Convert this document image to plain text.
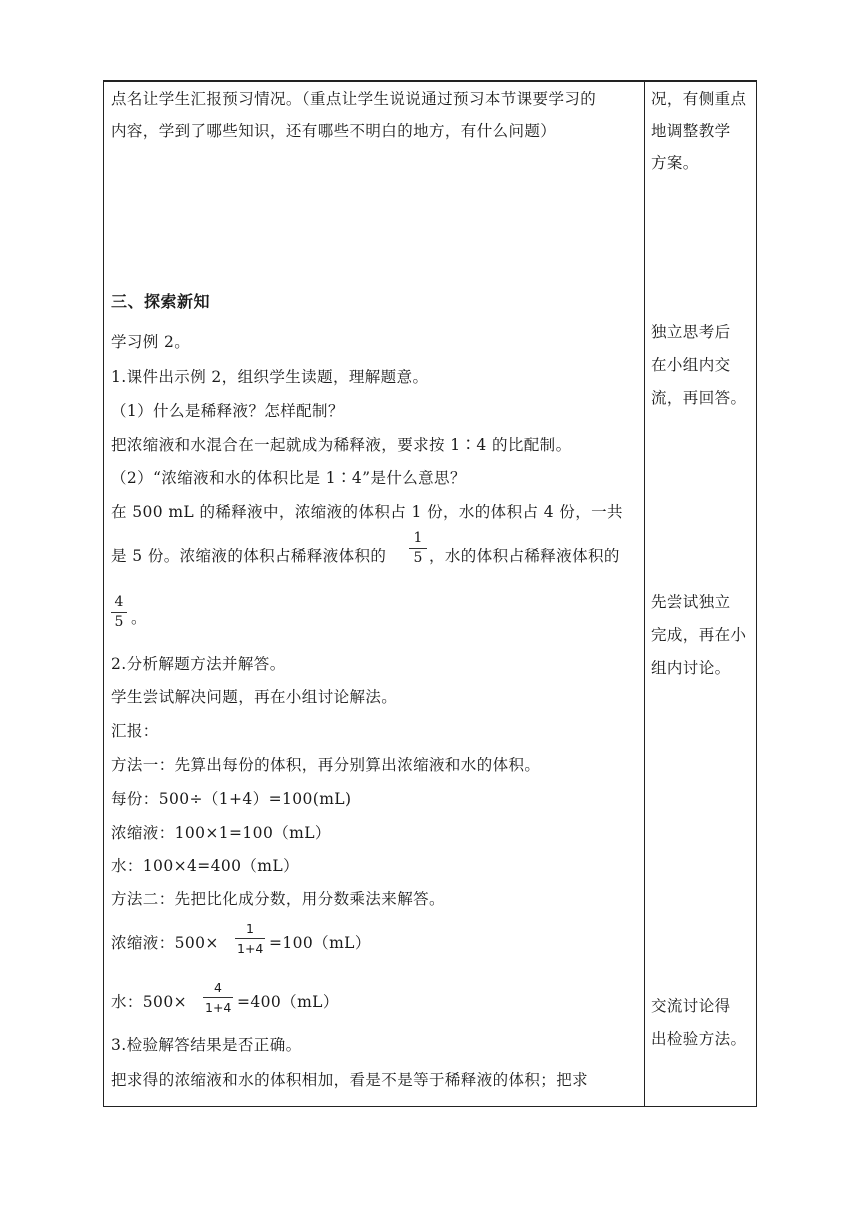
点名让学生汇报预习情况。（重点让学生说说通过预习本节课要学习的
内容，学到了哪些知识，还有哪些不明白的地方，有什么问题）
三、探索新知
学习例 2。
1.课件出示例 2，组织学生读题，理解题意。
（1）什么是稀释液？怎样配制？
把浓缩液和水混合在一起就成为稀释液，要求按 1∶4 的比配制。
（2）“浓缩液和水的体积比是 1∶4”是什么意思？
在 500 mL 的稀释液中，浓缩液的体积占 1 份，水的体积占 4 份，一共
是 5 份。浓缩液的体积占稀释液体积的
1
5 ，水的体积占稀释液体积的
4
5 。
2.分析解题方法并解答。
学生尝试解决问题，再在小组讨论解法。
汇报：
方法一：先算出每份的体积，再分别算出浓缩液和水的体积。
每份：500÷（1+4）=100(mL)
浓缩液：100×1=100（mL）
水：100×4=400（mL）
方法二：先把比化成分数，用分数乘法来解答。
浓缩液：500×
1
1+4 =100（mL）
水：500×
4
1+4 =400（mL）
3.检验解答结果是否正确。
把求得的浓缩液和水的体积相加，看是不是等于稀释液的体积；把求
况，有侧重点
地调整教学
方案。
独立思考后
在小组内交
流，再回答。
先尝试独立
完成，再在小
组内讨论。
交流讨论得
出检验方法。
